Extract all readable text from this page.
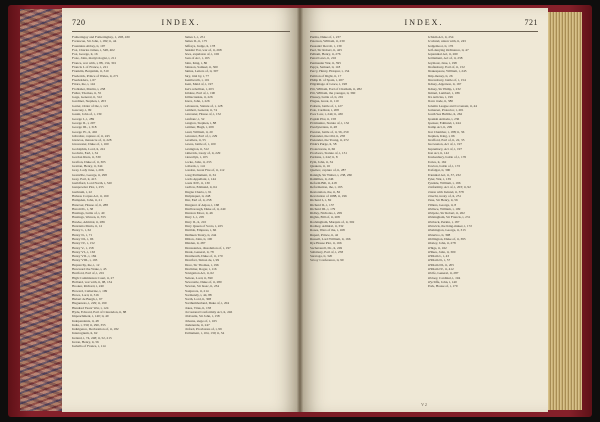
720	INDEX.

Fotheringay and Fotheringhay, 1, 208, 430

Fortescue, Sir John, i, 182; ii, 44

Fountains Abbey, ii, 197

Fox, Charles James, i, 348, 402

Fox, George, ii, 16

Foxe, John, martyrologist, i, 211

France, war with, i, 88, 134, 301

Francis I. of France, i, 221

Franklin, Benjamin, ii, 310

Frederick, Prince of Wales, ii, 271

Freeholders, i, 67

Friars, the, i, 142

Frobisher, Martin, i, 238

Fuller, Thomas, ii, 55

Gage, General, ii, 312

Gardiner, Stephen, i, 203

Garter, Order of the, i, 121

Gascony, i, 99

Gaunt, John of, i, 139

George I., i, 289

George II., i, 297

George III., i, 318

George IV., ii, 402

Gibraltar, capture of, ii, 245

Glencoe, massacre of, ii, 228

Gloucester, Duke of, i, 160

Godolphin, Lord, ii, 241

Godwin, Earl, i, 34

Gordon Riots, ii, 330

Grafton, Duke of, ii, 305

Grattan, Henry, ii, 344

Gray, Lady Jane, i, 206

Grenville, George, ii, 298

Grey, Earl, ii, 415

Guildford, Lord North, i, 320

Gunpowder Plot, i, 255

Guthrum, i, 22

Habeas Corpus Act, ii, 160

Hampden, John, ii, 21

Hanover, House of, ii, 288

Harold II., i, 38

Hastings, battle of, i, 40

Hastings, Warren, ii, 355

Hawke, Admiral, ii, 286

Henrietta Maria, ii, 12

Henry I., i, 62

Henry II., i, 71

Henry III., i, 96

Henry IV., i, 152

Henry V., i, 158

Henry VI., i, 163

Henry VII., i, 184

Henry VIII., i, 193

Heptarchy, the, i, 12

Hereward the Wake, i, 45

Hertford, Earl of, i, 201

High Commission Court, ii, 27

Holland, war with, ii, 98, 134

Hooker, Richard, i, 240

Howard, Catherine, i, 199

Howe, Lord, ii, 316

Hubert de Burgh, i, 97

Huguenots, i, 229; ii, 190

Hundred Years' War, i, 124

Hyde, Edward, Earl of Clarendon, ii, 88

Impeachment, i, 140; ii, 40

Independents, ii, 48

India, i, 330; ii, 290, 355

Indulgence, Declaration of, ii, 182

Interregnum, ii, 62

Ireland, i, 74, 248; ii, 52, 215

Ireton, Henry, ii, 56

Isabella of France, i, 114

James I., i, 251

James II., ii, 175

Jeffreys, Judge, ii, 178

Jenkins' Ear, war of, ii, 268

Jews, expulsion of, i, 106

Joan of Arc, i, 165

John, King, i, 86

Johnson, Samuel, ii, 300

Junius, Letters of, ii, 307

Jury, trial by, i, 77

Kenilworth, i, 101

Kent, Maid of, i, 197

Ket's rebellion, i, 203

Kildare, Earl of, i, 190

Killiecrankie, ii, 226

Knox, John, i, 226

Labourers, Statute of, i, 128

Lambert, General, ii, 74

Lancaster, House of, i, 152

Lanfranc, i, 52

Langton, Stephen, i, 88

Latimer, Hugh, i, 209

Laud, William, ii, 20

Leicester, Earl of, i, 229

Levellers, ii, 55

Lewes, battle of, i, 100

Lexington, ii, 312

Limerick, treaty of, ii, 229

Llewellyn, i, 105

Locke, John, ii, 233

Lollards, i, 141

London, Great Fire of, ii, 112

Long Parliament, ii, 34

Lords Appellant, i, 144

Louis XIV., ii, 130

Ludlow, Edmund, ii, 64

Magna Charta, i, 91

Malplaquet, ii, 248

Mar, Earl of, ii, 258

Margaret of Anjou, i, 168

Marlborough, Duke of, ii, 240

Marston Moor, ii, 46

Mary I., i, 205

Mary II., ii, 210

Mary Queen of Scots, i, 225

Matilda, Empress, i, 66

Methuen Treaty, ii, 244

Milton, John, ii, 100

Minden, ii, 287

Monasteries, dissolution of, i, 197

Monk, General, ii, 78

Monmouth, Duke of, ii, 170

Montfort, Simon de, i, 99

More, Sir Thomas, i, 196

Mortimer, Roger, i, 116

Navigation Act, ii, 62

Nelson, Lord, ii, 390

Newcastle, Duke of, ii, 280

Newton, Sir Isaac, ii, 234

Nonjurors, ii, 214

Normandy, i, 44, 88

North, Lord, ii, 308

Northumberland, Duke of, i, 204

Oates, Titus, ii, 158

Occasional Conformity Act, ii, 246

Oldcastle, Sir John, i, 158

Orleans, siege of, i, 165

Oudenarde, ii, 247

Oxford, Provisions of, i, 99

Parliament, i, 104, 130; ii, 34

INDEX.	721

Parma, Duke of, i, 237

Paterson, William, ii, 230

Peasants' Revolt, i, 139

Peel, Sir Robert, ii, 425

Pelham, Henry, ii, 276

Penal Laws, ii, 216

Peninsular War, ii, 395

Pepys, Samuel, ii, 118

Percy, Henry, Hotspur, i, 154

Petition of Right, ii, 17

Philip II. of Spain, i, 207

Pilgrimage of Grace, i, 198

Pitt, William, Earl of Chatham, ii, 282

Pitt, William, the younger, ii, 360

Plassey, battle of, ii, 291

Plague, Great, ii, 110

Poitiers, battle of, i, 127

Pole, Cardinal, i, 208

Poor Law, i, 244; ii, 430

Popish Plot, ii, 158

Præmunire, Statute of, i, 132

Presbyterians, ii, 48

Preston, battle of, ii, 56, 259

Pretender, the Old, ii, 258

Pretender, the Young, ii, 272

Pride's Purge, ii, 58

Protectorate, ii, 66

Provisors, Statute of, i, 131

Puritans, i, 242; ii, 8

Pym, John, ii, 34

Quakers, ii, 16

Quebec, capture of, ii, 287

Raleigh, Sir Walter, i, 238, 260

Ramillies, ii, 246

Reform Bill, ii, 418

Reformation, the, i, 195

Restoration, the, ii, 82

Revolution of 1688, ii, 196

Richard I., i, 82

Richard II., i, 137

Richard III., i, 179

Ridley, Nicholas, i, 209

Rights, Bill of, ii, 208

Rockingham, Marquis of, ii, 302

Rodney, Admiral, ii, 332

Roses, Wars of the, i, 168

Rupert, Prince, ii, 42

Russell, Lord William, ii, 166

Rye House Plot, ii, 166

Sacheverell, Dr., ii, 249

Salisbury, Earl of, i, 258

Saratoga, ii, 320

Savoy Conference, ii, 90

Schism Act, ii, 254

Scotland, union with, ii, 245

Sedgemoor, ii, 176

Self-denying Ordinance, ii, 47

Septennial Act, ii, 260

Settlement, Act of, ii, 238

Seymour, Jane, i, 198

Shaftesbury, Earl of, ii, 152

Shakespeare, William, i, 245

Ship-money, ii, 26

Shrewsbury, battle of, i, 154

Sidney, Algernon, ii, 167

Sidney, Sir Philip, i, 232

Simnel, Lambert, i, 186

Six Articles, i, 199

Slave trade, ii, 380

Solemn League and Covenant, ii, 44

Somerset, Protector, i, 201

South Sea Bubble, ii, 262

Spanish Armada, i, 236

Spenser, Edmund, i, 244

Stamp Act, ii, 299

Star Chamber, i, 188; ii, 36

Stephen, King, i, 66

Strafford, Earl of, ii, 22, 35

Succession, Act of, i, 197

Supremacy, Act of, i, 197

Test Act, ii, 142

Tewkesbury, battle of, i, 176

Tories, ii, 162

Towton, battle of, i, 172

Trafalgar, ii, 390

Triennial Act, ii, 37, 232

Tyler, Wat, i, 139

Tyndale, William, i, 196

Uniformity, Act of, i, 203; ii, 92

Union with Ireland, ii, 378

Utrecht, treaty of, ii, 251

Vane, Sir Henry, ii, 56

Villiers, George, ii, 8

Wallace, William, i, 109

Walpole, Sir Robert, ii, 262

Walsingham, Sir Francis, i, 231

Warbeck, Perkin, i, 187

Warwick, the King-maker, i, 172

Washington, George, ii, 313

Waterloo, ii, 398

Wellington, Duke of, ii, 395

Wesley, John, ii, 278

Whigs, ii, 162

Wilkes, John, ii, 300

William I., i, 43

William II., i, 57

William III., ii, 205

William IV., ii, 412

Wolfe, General, ii, 287

Wolsey, Cardinal, i, 194

Wycliffe, John, i, 140

York, House of, i, 170

V 2
